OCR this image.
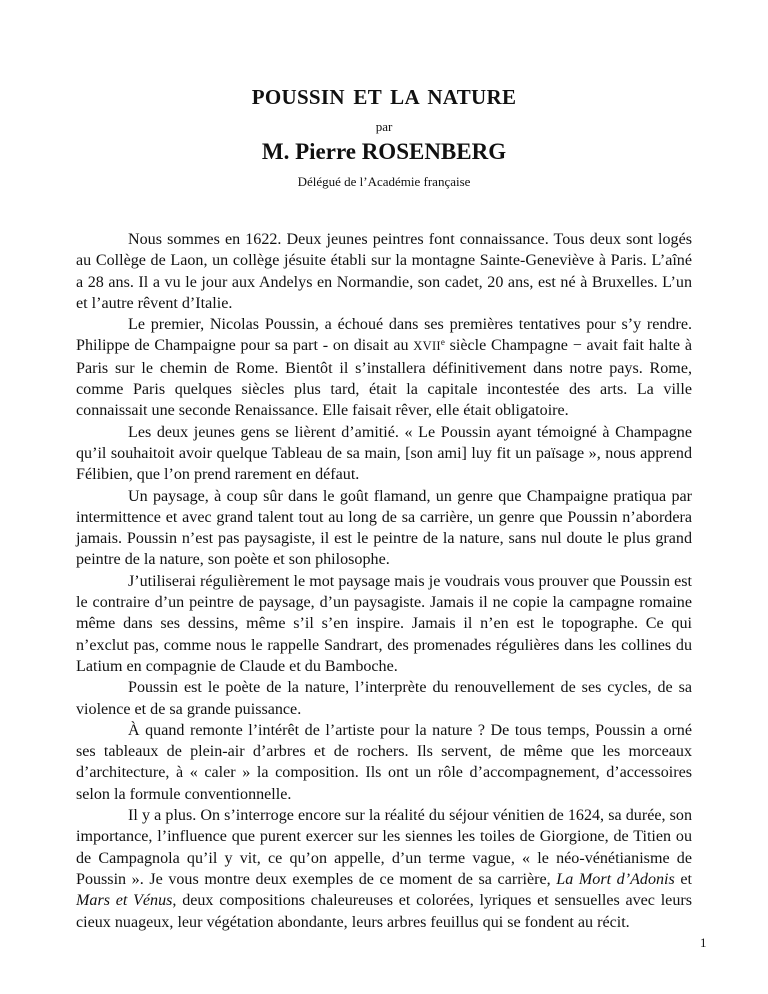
POUSSIN ET LA NATURE
par
M. Pierre ROSENBERG
Délégué de l’Académie française

Nous sommes en 1622. Deux jeunes peintres font connaissance. Tous deux sont logés au Collège de Laon, un collège jésuite établi sur la montagne Sainte-Geneviève à Paris. L’aîné a 28 ans. Il a vu le jour aux Andelys en Normandie, son cadet, 20 ans, est né à Bruxelles. L’un et l’autre rêvent d’Italie.

Le premier, Nicolas Poussin, a échoué dans ses premières tentatives pour s’y rendre. Philippe de Champaigne pour sa part - on disait au XVIIe siècle Champagne − avait fait halte à Paris sur le chemin de Rome. Bientôt il s’installera définitivement dans notre pays. Rome, comme Paris quelques siècles plus tard, était la capitale incontestée des arts. La ville connaissait une seconde Renaissance. Elle faisait rêver, elle était obligatoire.

Les deux jeunes gens se lièrent d’amitié. « Le Poussin ayant témoigné à Champagne qu’il souhaitoit avoir quelque Tableau de sa main, [son ami] luy fit un païsage », nous apprend Félibien, que l’on prend rarement en défaut.

Un paysage, à coup sûr dans le goût flamand, un genre que Champaigne pratiqua par intermittence et avec grand talent tout au long de sa carrière, un genre que Poussin n’abordera jamais. Poussin n’est pas paysagiste, il est le peintre de la nature, sans nul doute le plus grand peintre de la nature, son poète et son philosophe.

J’utiliserai régulièrement le mot paysage mais je voudrais vous prouver que Poussin est le contraire d’un peintre de paysage, d’un paysagiste. Jamais il ne copie la campagne romaine même dans ses dessins, même s’il s’en inspire. Jamais il n’en est le topographe. Ce qui n’exclut pas, comme nous le rappelle Sandrart, des promenades régulières dans les collines du Latium en compagnie de Claude et du Bamboche.

Poussin est le poète de la nature, l’interprète du renouvellement de ses cycles, de sa violence et de sa grande puissance.

À quand remonte l’intérêt de l’artiste pour la nature ? De tous temps, Poussin a orné ses tableaux de plein-air d’arbres et de rochers. Ils servent, de même que les morceaux d’architecture, à « caler » la composition. Ils ont un rôle d’accompagnement, d’accessoires selon la formule conventionnelle.

Il y a plus. On s’interroge encore sur la réalité du séjour vénitien de 1624, sa durée, son importance, l’influence que purent exercer sur les siennes les toiles de Giorgione, de Titien ou de Campagnola qu’il y vit, ce qu’on appelle, d’un terme vague, « le néo-vénétianisme de Poussin ». Je vous montre deux exemples de ce moment de sa carrière, La Mort d’Adonis et Mars et Vénus, deux compositions chaleureuses et colorées, lyriques et sensuelles avec leurs cieux nuageux, leur végétation abondante, leurs arbres feuillus qui se fondent au récit.

1
